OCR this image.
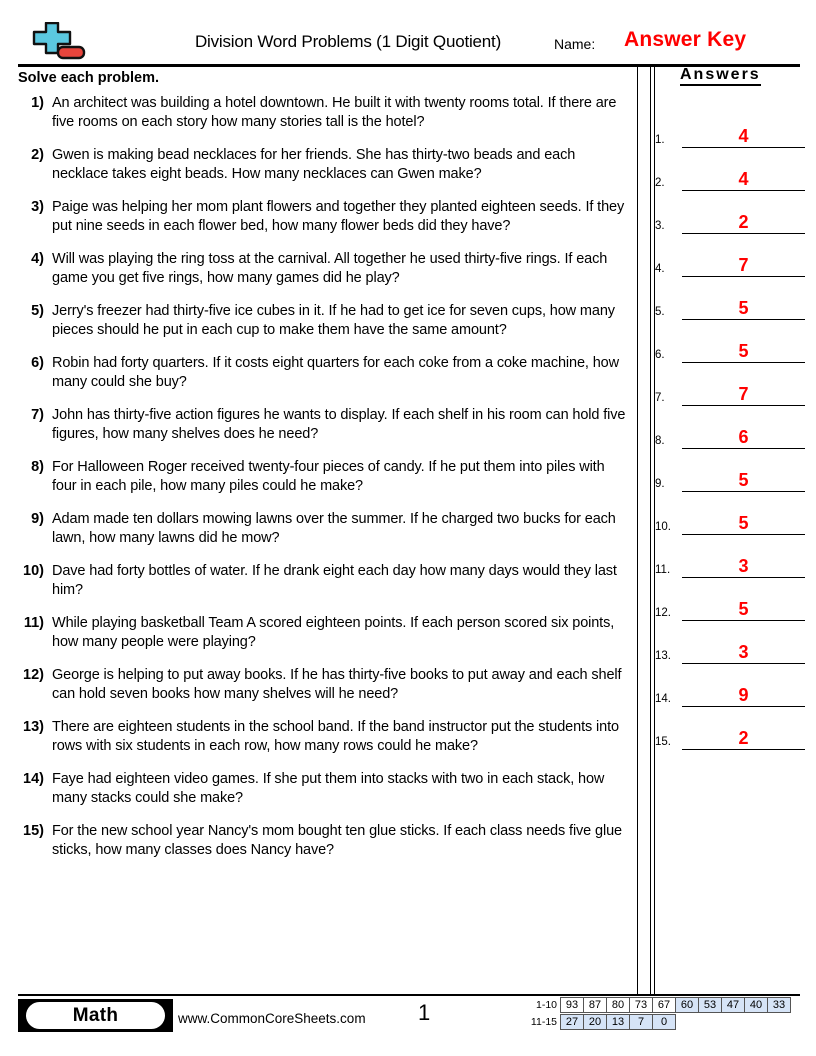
Division Word Problems (1 Digit Quotient)	Name: Answer Key
Solve each problem.
1) An architect was building a hotel downtown. He built it with twenty rooms total. If there are five rooms on each story how many stories tall is the hotel?
2) Gwen is making bead necklaces for her friends. She has thirty-two beads and each necklace takes eight beads. How many necklaces can Gwen make?
3) Paige was helping her mom plant flowers and together they planted eighteen seeds. If they put nine seeds in each flower bed, how many flower beds did they have?
4) Will was playing the ring toss at the carnival. All together he used thirty-five rings. If each game you get five rings, how many games did he play?
5) Jerry's freezer had thirty-five ice cubes in it. If he had to get ice for seven cups, how many pieces should he put in each cup to make them have the same amount?
6) Robin had forty quarters. If it costs eight quarters for each coke from a coke machine, how many could she buy?
7) John has thirty-five action figures he wants to display. If each shelf in his room can hold five figures, how many shelves does he need?
8) For Halloween Roger received twenty-four pieces of candy. If he put them into piles with four in each pile, how many piles could he make?
9) Adam made ten dollars mowing lawns over the summer. If he charged two bucks for each lawn, how many lawns did he mow?
10) Dave had forty bottles of water. If he drank eight each day how many days would they last him?
11) While playing basketball Team A scored eighteen points. If each person scored six points, how many people were playing?
12) George is helping to put away books. If he has thirty-five books to put away and each shelf can hold seven books how many shelves will he need?
13) There are eighteen students in the school band. If the band instructor put the students into rows with six students in each row, how many rows could he make?
14) Faye had eighteen video games. If she put them into stacks with two in each stack, how many stacks could she make?
15) For the new school year Nancy's mom bought ten glue sticks. If each class needs five glue sticks, how many classes does Nancy have?
Answers
1.	4
2.	4
3.	2
4.	7
5.	5
6.	5
7.	7
8.	6
9.	5
10.	5
11.	3
12.	5
13.	3
14.	9
15.	2
Math	www.CommonCoreSheets.com 1	1-10 93 87 80 73 67 60 53 47 40 33
11-15 27 20 13	7	0
